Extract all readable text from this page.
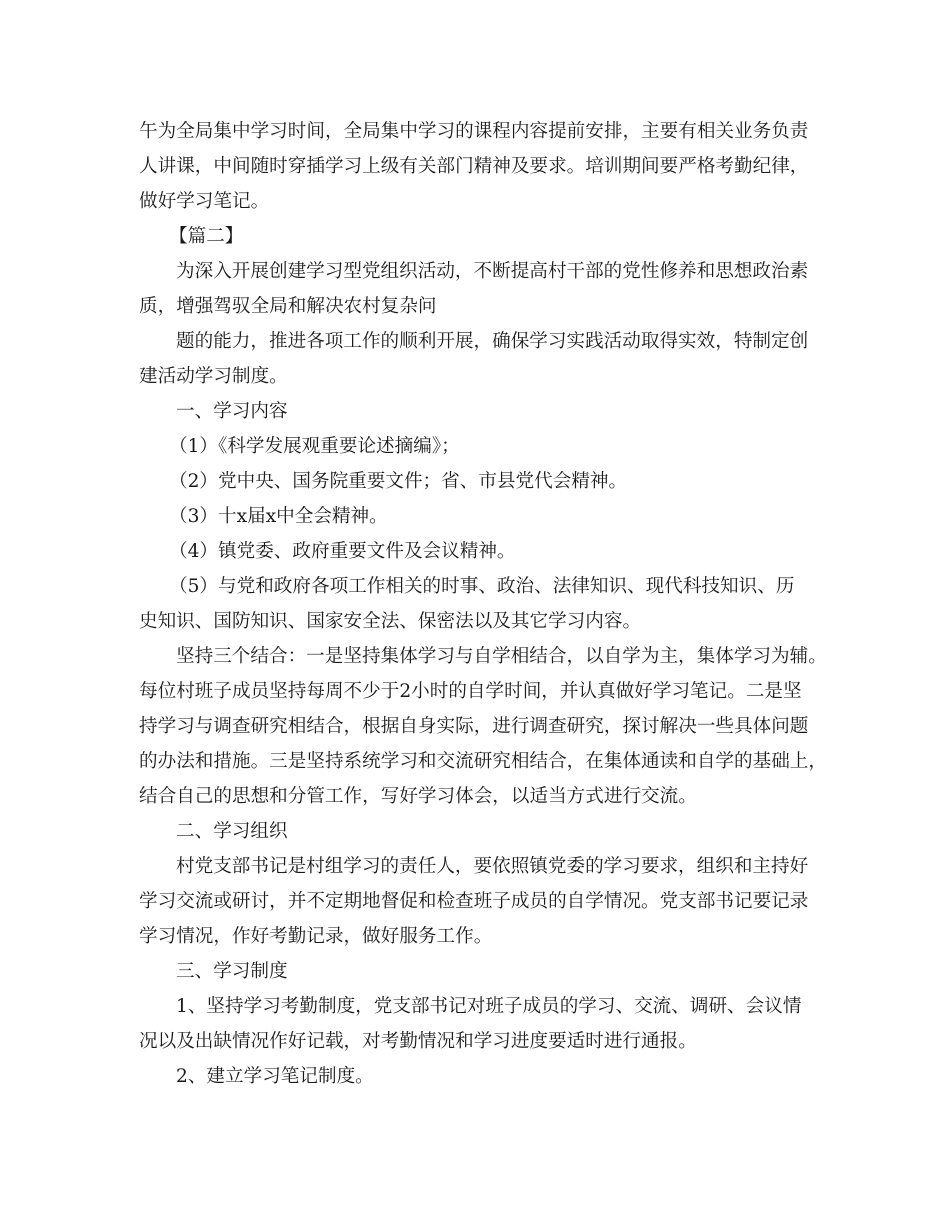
午为全局集中学习时间，全局集中学习的课程内容提前安排，主要有相关业务负责
人讲课，中间随时穿插学习上级有关部门精神及要求。培训期间要严格考勤纪律，
做好学习笔记。
【篇二】
为深入开展创建学习型党组织活动，不断提高村干部的党性修养和思想政治素
质，增强驾驭全局和解决农村复杂问
题的能力，推进各项工作的顺利开展，确保学习实践活动取得实效，特制定创
建活动学习制度。
一、学习内容
（1）《科学发展观重要论述摘编》；
（2）党中央、国务院重要文件；省、市县党代会精神。
（3）十x届x中全会精神。
（4）镇党委、政府重要文件及会议精神。
（5）与党和政府各项工作相关的时事、政治、法律知识、现代科技知识、历
史知识、国防知识、国家安全法、保密法以及其它学习内容。
坚持三个结合：一是坚持集体学习与自学相结合，以自学为主，集体学习为辅。
每位村班子成员坚持每周不少于2小时的自学时间，并认真做好学习笔记。二是坚
持学习与调查研究相结合，根据自身实际，进行调查研究，探讨解决一些具体问题
的办法和措施。三是坚持系统学习和交流研究相结合，在集体通读和自学的基础上，
结合自己的思想和分管工作，写好学习体会，以适当方式进行交流。
二、学习组织
村党支部书记是村组学习的责任人，要依照镇党委的学习要求，组织和主持好
学习交流或研讨，并不定期地督促和检查班子成员的自学情况。党支部书记要记录
学习情况，作好考勤记录，做好服务工作。
三、学习制度
1、坚持学习考勤制度，党支部书记对班子成员的学习、交流、调研、会议情
况以及出缺情况作好记载，对考勤情况和学习进度要适时进行通报。
2、建立学习笔记制度。
